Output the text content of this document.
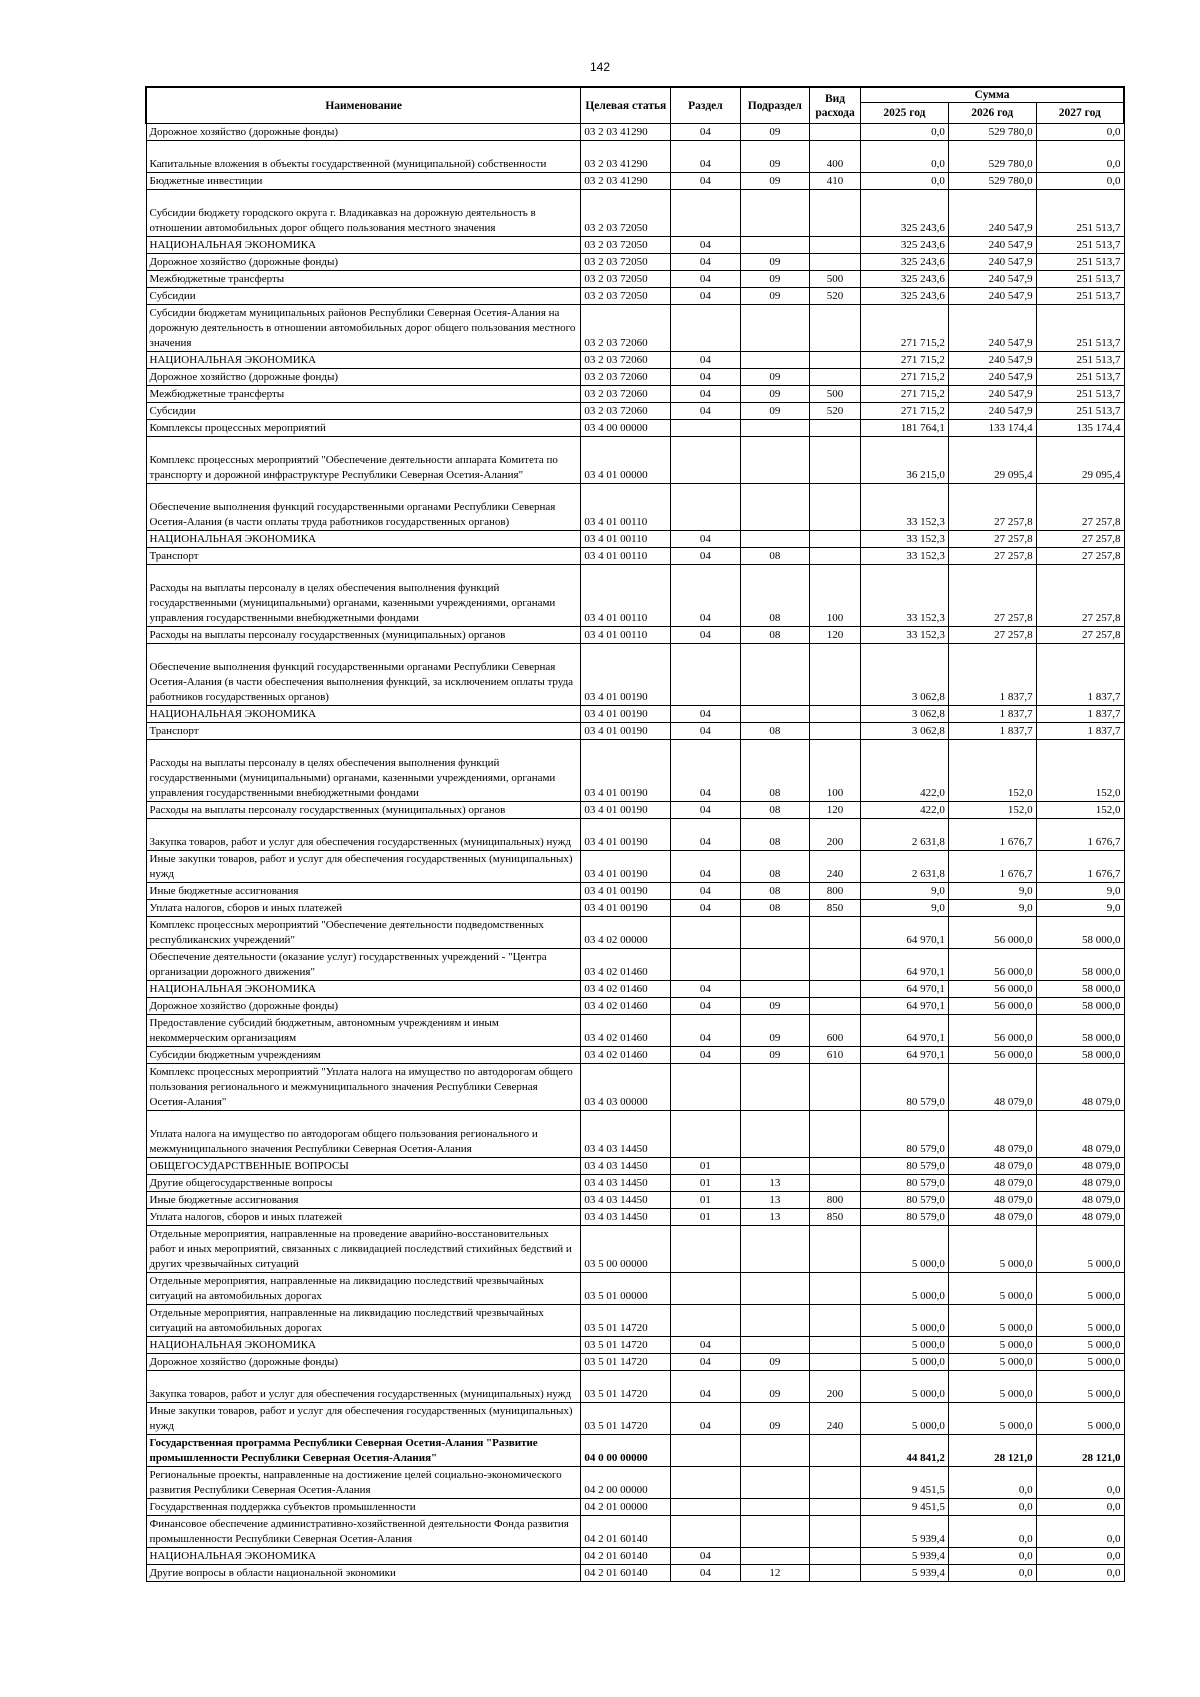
142
Наименование	Целевая статья	Раздел	Подраздел	Вид расхода	Сумма		
					2025 год	2026 год	2027 год
Дорожное хозяйство (дорожные фонды)	03 2 03 41290	04	09		0,0	529 780,0	0,0
Капитальные вложения в объекты государственной (муниципальной) собственности	03 2 03 41290	04	09	400	0,0	529 780,0	0,0
Бюджетные инвестиции	03 2 03 41290	04	09	410	0,0	529 780,0	0,0
Субсидии бюджету городского округа г. Владикавказ на дорожную деятельность в отношении автомобильных дорог общего пользования местного значения	03 2 03 72050				325 243,6	240 547,9	251 513,7
НАЦИОНАЛЬНАЯ ЭКОНОМИКА	03 2 03 72050	04			325 243,6	240 547,9	251 513,7
Дорожное хозяйство (дорожные фонды)	03 2 03 72050	04	09		325 243,6	240 547,9	251 513,7
Межбюджетные трансферты	03 2 03 72050	04	09	500	325 243,6	240 547,9	251 513,7
Субсидии	03 2 03 72050	04	09	520	325 243,6	240 547,9	251 513,7
Субсидии бюджетам муниципальных районов Республики Северная Осетия-Алания на дорожную деятельность в отношении автомобильных дорог общего пользования местного значения	03 2 03 72060				271 715,2	240 547,9	251 513,7
НАЦИОНАЛЬНАЯ ЭКОНОМИКА	03 2 03 72060	04			271 715,2	240 547,9	251 513,7
Дорожное хозяйство (дорожные фонды)	03 2 03 72060	04	09		271 715,2	240 547,9	251 513,7
Межбюджетные трансферты	03 2 03 72060	04	09	500	271 715,2	240 547,9	251 513,7
Субсидии	03 2 03 72060	04	09	520	271 715,2	240 547,9	251 513,7
Комплексы процессных мероприятий	03 4 00 00000				181 764,1	133 174,4	135 174,4
Комплекс процессных мероприятий "Обеспечение деятельности аппарата Комитета по транспорту и дорожной инфраструктуре Республики Северная Осетия-Алания"	03 4 01 00000				36 215,0	29 095,4	29 095,4
Обеспечение выполнения функций государственными органами Республики Северная Осетия-Алания (в части оплаты труда работников государственных органов)	03 4 01 00110				33 152,3	27 257,8	27 257,8
НАЦИОНАЛЬНАЯ ЭКОНОМИКА	03 4 01 00110	04			33 152,3	27 257,8	27 257,8
Транспорт	03 4 01 00110	04	08		33 152,3	27 257,8	27 257,8
Расходы на выплаты персоналу в целях обеспечения выполнения функций государственными (муниципальными) органами, казенными учреждениями, органами управления государственными внебюджетными фондами	03 4 01 00110	04	08	100	33 152,3	27 257,8	27 257,8
Расходы на выплаты персоналу государственных (муниципальных) органов	03 4 01 00110	04	08	120	33 152,3	27 257,8	27 257,8
Обеспечение выполнения функций государственными органами Республики Северная Осетия-Алания (в части обеспечения выполнения функций, за исключением оплаты труда работников государственных органов)	03 4 01 00190				3 062,8	1 837,7	1 837,7
НАЦИОНАЛЬНАЯ ЭКОНОМИКА	03 4 01 00190	04			3 062,8	1 837,7	1 837,7
Транспорт	03 4 01 00190	04	08		3 062,8	1 837,7	1 837,7
Расходы на выплаты персоналу в целях обеспечения выполнения функций государственными (муниципальными) органами, казенными учреждениями, органами управления государственными внебюджетными фондами	03 4 01 00190	04	08	100	422,0	152,0	152,0
Расходы на выплаты персоналу государственных (муниципальных) органов	03 4 01 00190	04	08	120	422,0	152,0	152,0
Закупка товаров, работ и услуг для обеспечения государственных (муниципальных) нужд	03 4 01 00190	04	08	200	2 631,8	1 676,7	1 676,7
Иные закупки товаров, работ и услуг для обеспечения государственных (муниципальных) нужд	03 4 01 00190	04	08	240	2 631,8	1 676,7	1 676,7
Иные бюджетные ассигнования	03 4 01 00190	04	08	800	9,0	9,0	9,0
Уплата налогов, сборов и иных платежей	03 4 01 00190	04	08	850	9,0	9,0	9,0
Комплекс процессных мероприятий "Обеспечение деятельности подведомственных республиканских учреждений"	03 4 02 00000				64 970,1	56 000,0	58 000,0
Обеспечение деятельности (оказание услуг) государственных учреждений - "Центра организации дорожного движения"	03 4 02 01460				64 970,1	56 000,0	58 000,0
НАЦИОНАЛЬНАЯ ЭКОНОМИКА	03 4 02 01460	04			64 970,1	56 000,0	58 000,0
Дорожное хозяйство (дорожные фонды)	03 4 02 01460	04	09		64 970,1	56 000,0	58 000,0
Предоставление субсидий бюджетным, автономным учреждениям и иным некоммерческим организациям	03 4 02 01460	04	09	600	64 970,1	56 000,0	58 000,0
Субсидии бюджетным учреждениям	03 4 02 01460	04	09	610	64 970,1	56 000,0	58 000,0
Комплекс процессных мероприятий "Уплата налога на имущество по автодорогам общего пользования регионального и межмуниципального значения Республики Северная Осетия-Алания"	03 4 03 00000				80 579,0	48 079,0	48 079,0
Уплата налога на имущество по автодорогам общего пользования регионального и межмуниципального значения Республики Северная Осетия-Алания	03 4 03 14450				80 579,0	48 079,0	48 079,0
ОБЩЕГОСУДАРСТВЕННЫЕ ВОПРОСЫ	03 4 03 14450	01			80 579,0	48 079,0	48 079,0
Другие общегосударственные вопросы	03 4 03 14450	01	13		80 579,0	48 079,0	48 079,0
Иные бюджетные ассигнования	03 4 03 14450	01	13	800	80 579,0	48 079,0	48 079,0
Уплата налогов, сборов и иных платежей	03 4 03 14450	01	13	850	80 579,0	48 079,0	48 079,0
Отдельные мероприятия, направленные на проведение аварийно-восстановительных работ и иных мероприятий, связанных с ликвидацией последствий стихийных бедствий и других чрезвычайных ситуаций	03 5 00 00000				5 000,0	5 000,0	5 000,0
Отдельные мероприятия, направленные на ликвидацию последствий чрезвычайных ситуаций на автомобильных дорогах	03 5 01 00000				5 000,0	5 000,0	5 000,0
Отдельные мероприятия, направленные на ликвидацию последствий чрезвычайных ситуаций на автомобильных дорогах	03 5 01 14720				5 000,0	5 000,0	5 000,0
НАЦИОНАЛЬНАЯ ЭКОНОМИКА	03 5 01 14720	04			5 000,0	5 000,0	5 000,0
Дорожное хозяйство (дорожные фонды)	03 5 01 14720	04	09		5 000,0	5 000,0	5 000,0
Закупка товаров, работ и услуг для обеспечения государственных (муниципальных) нужд	03 5 01 14720	04	09	200	5 000,0	5 000,0	5 000,0
Иные закупки товаров, работ и услуг для обеспечения государственных (муниципальных) нужд	03 5 01 14720	04	09	240	5 000,0	5 000,0	5 000,0
Государственная программа Республики Северная Осетия-Алания "Развитие промышленности Республики Северная Осетия-Алания"	04 0 00 00000				44 841,2	28 121,0	28 121,0
Региональные проекты, направленные на достижение целей социально-экономического развития Республики Северная Осетия-Алания	04 2 00 00000				9 451,5	0,0	0,0
Государственная поддержка субъектов промышленности	04 2 01 00000				9 451,5	0,0	0,0
Финансовое обеспечение административно-хозяйственной деятельности Фонда развития промышленности Республики Северная Осетия-Алания	04 2 01 60140				5 939,4	0,0	0,0
НАЦИОНАЛЬНАЯ ЭКОНОМИКА	04 2 01 60140	04			5 939,4	0,0	0,0
Другие вопросы в области национальной экономики	04 2 01 60140	04	12		5 939,4	0,0	0,0
